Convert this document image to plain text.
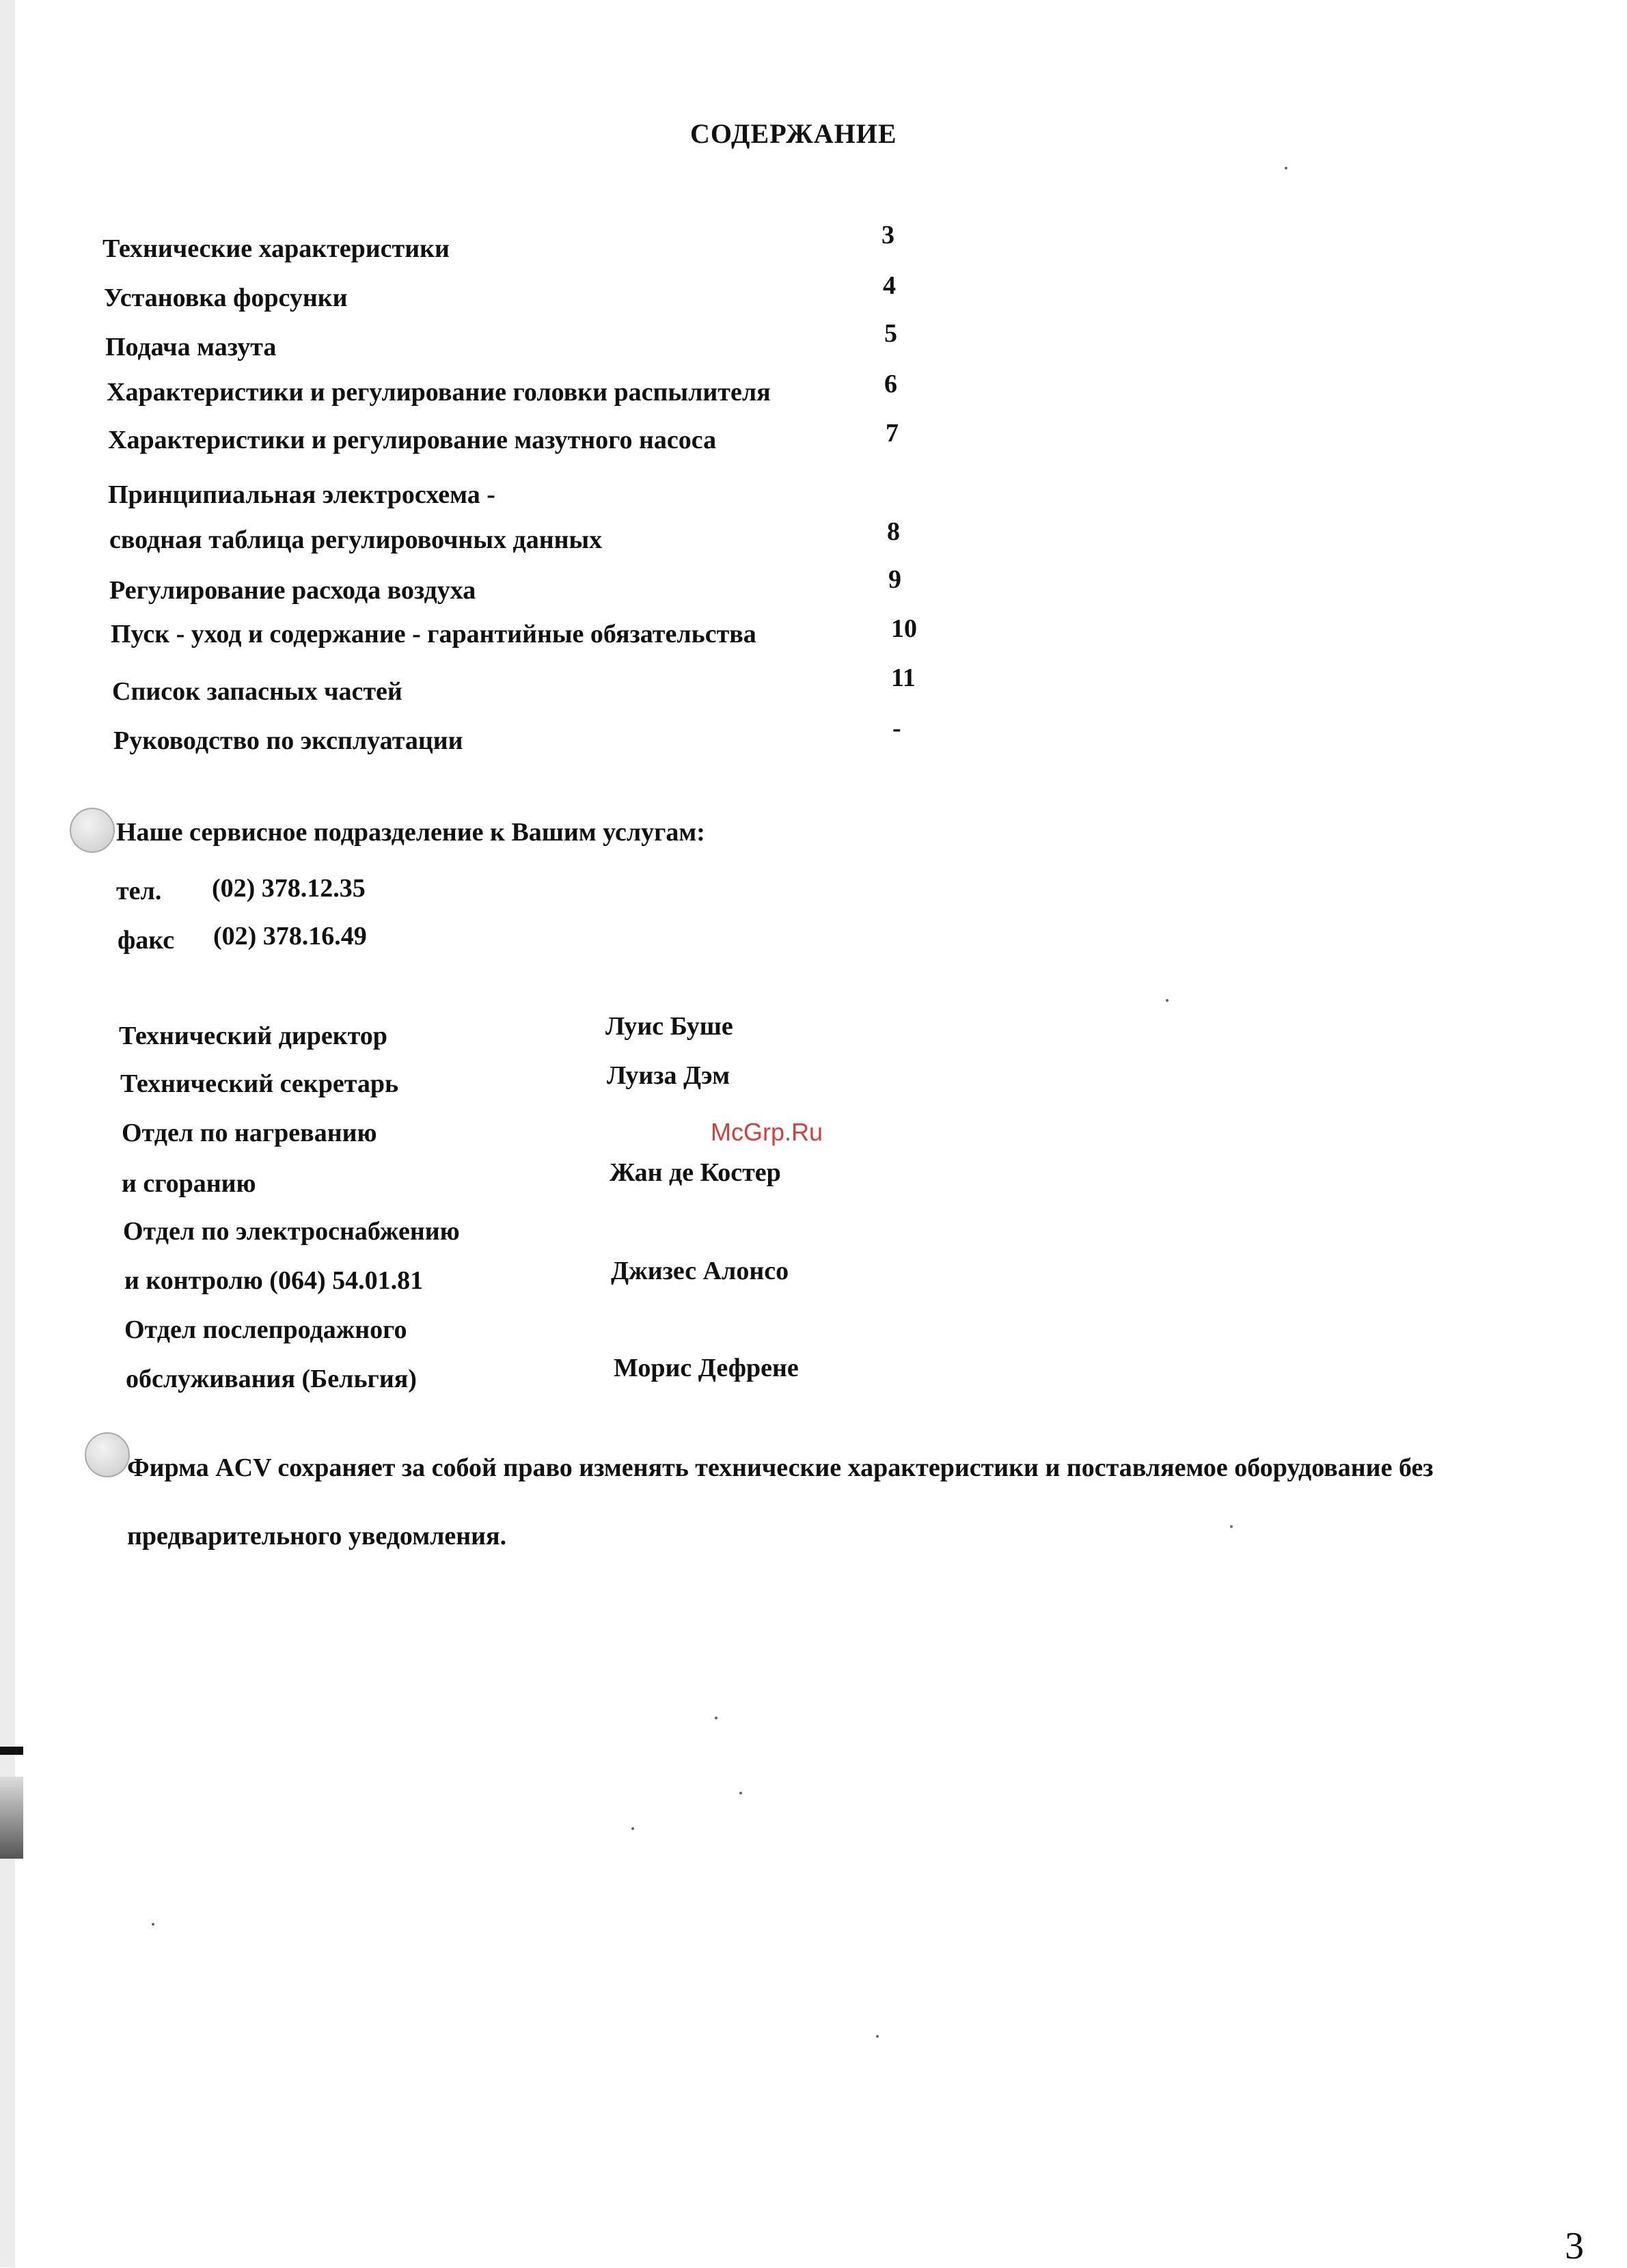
СОДЕРЖАНИЕ
Технические характеристики	3
Установка форсунки	4
Подача мазута	5
Характеристики и регулирование головки распылителя	6
Характеристики и регулирование мазутного насоса	7
Принципиальная электросхема -
сводная таблица регулировочных данных	8
Регулирование расхода воздуха	9
Пуск - уход и содержание - гарантийные обязательства	10
Список запасных частей	11
Руководство по эксплуатации	-
Наше сервисное подразделение к Вашим услугам:
тел. (02) 378.12.35
факс (02) 378.16.49
Технический директор	Луис Буше
Технический секретарь	Луиза Дэм
Отдел по нагреванию
и сгоранию	Жан де Костер
Отдел по электроснабжению
и контролю (064) 54.01.81	Джизес Алонсо
Отдел послепродажного
обслуживания (Бельгия)	Морис Дефрене
McGrp.Ru
Фирма ACV сохраняет за собой право изменять технические характеристики и поставляемое оборудование без предварительного уведомления.
3
